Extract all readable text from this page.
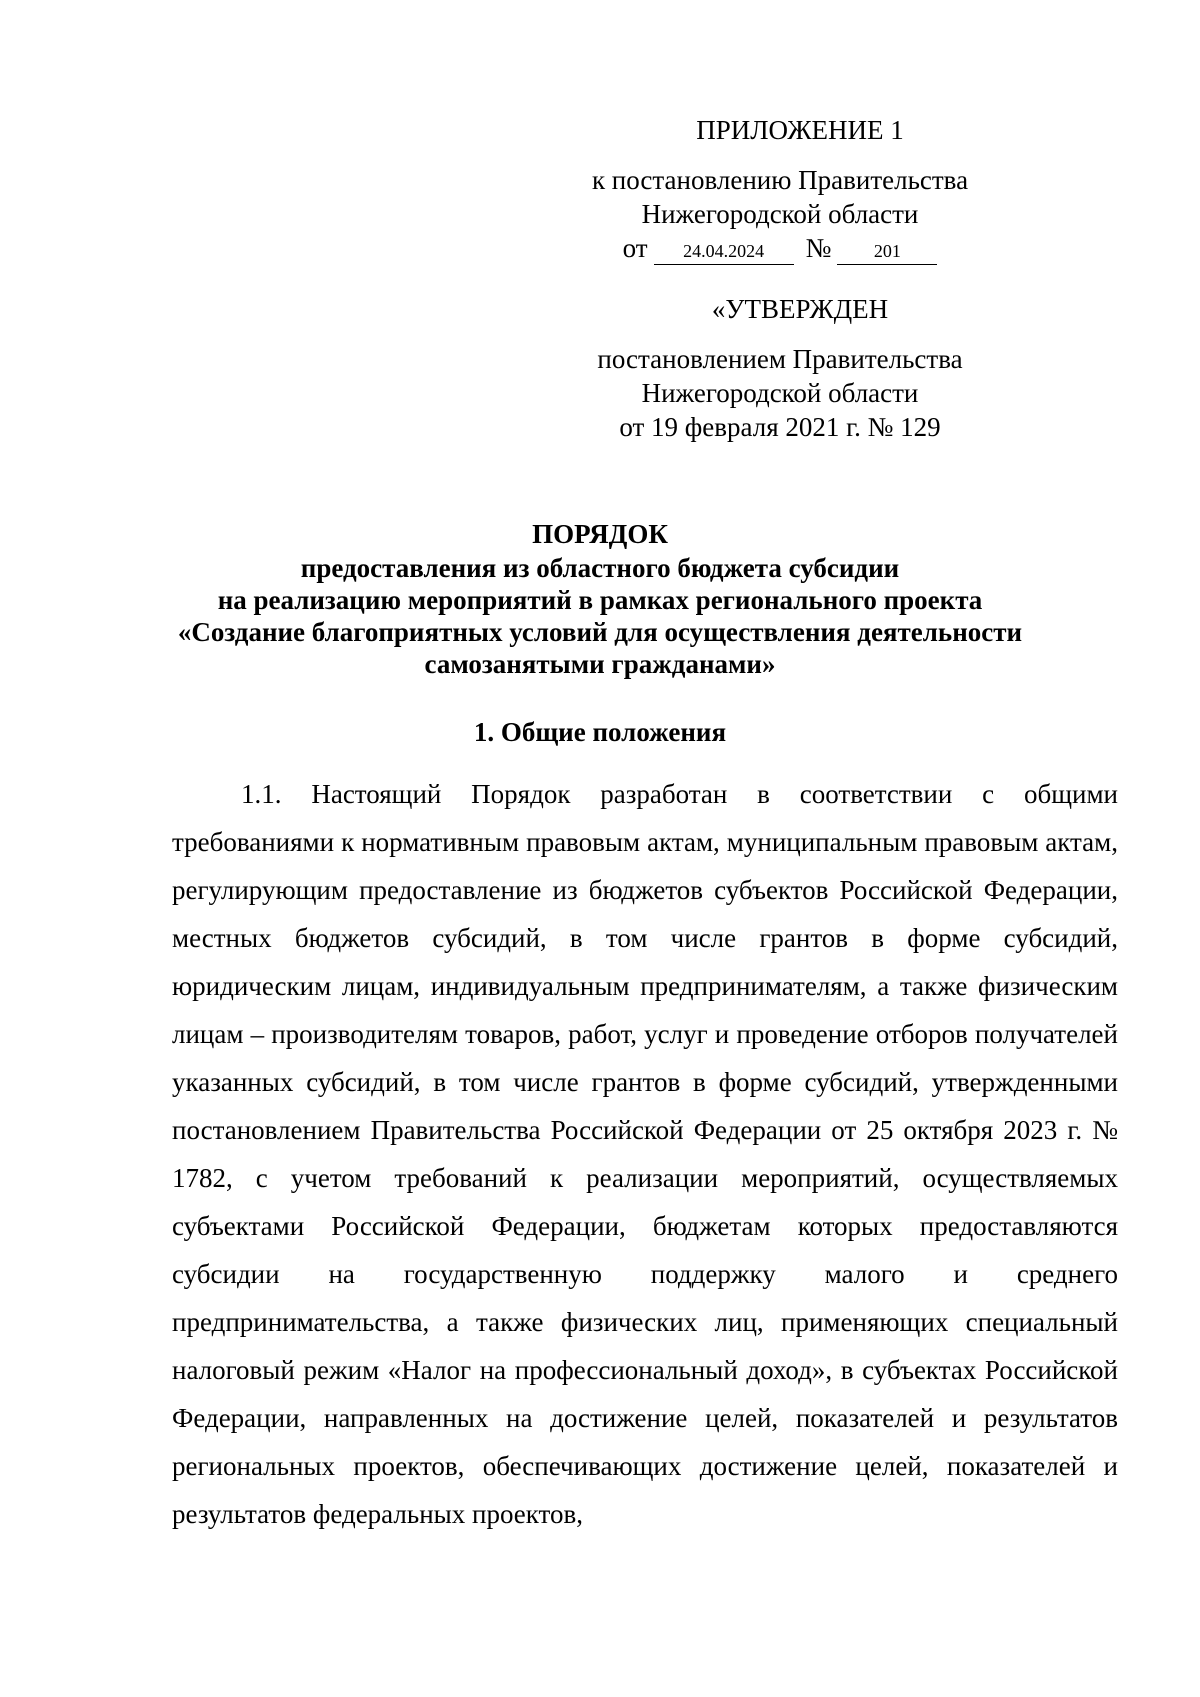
ПРИЛОЖЕНИЕ 1
к постановлению Правительства
Нижегородской области
от	24.04.2024	№	201
«УТВЕРЖДЕН
постановлением Правительства
Нижегородской области
от 19 февраля 2021 г. № 129
ПОРЯДОК
предоставления из областного бюджета субсидии
на реализацию мероприятий в рамках регионального проекта
«Создание благоприятных условий для осуществления деятельности
самозанятыми гражданами»
1. Общие положения

1.1. Настоящий Порядок разработан в соответствии с общими требованиями к нормативным правовым актам, муниципальным правовым актам, регулирующим предоставление из бюджетов субъектов Российской Федерации, местных бюджетов субсидий, в том числе грантов в форме субсидий, юридическим лицам, индивидуальным предпринимателям, а также физическим лицам – производителям товаров, работ, услуг и проведение отборов получателей указанных субсидий, в том числе грантов в форме субсидий, утвержденными постановлением Правительства Российской Федерации от 25 октября 2023 г. № 1782, с учетом требований к реализации мероприятий, осуществляемых субъектами Российской Федерации, бюджетам которых предоставляются субсидии на государственную поддержку малого и среднего предпринимательства, а также физических лиц, применяющих специальный налоговый режим «Налог на профессиональный доход», в субъектах Российской Федерации, направленных на достижение целей, показателей и результатов региональных проектов, обеспечивающих достижение целей, показателей и результатов федеральных проектов,
